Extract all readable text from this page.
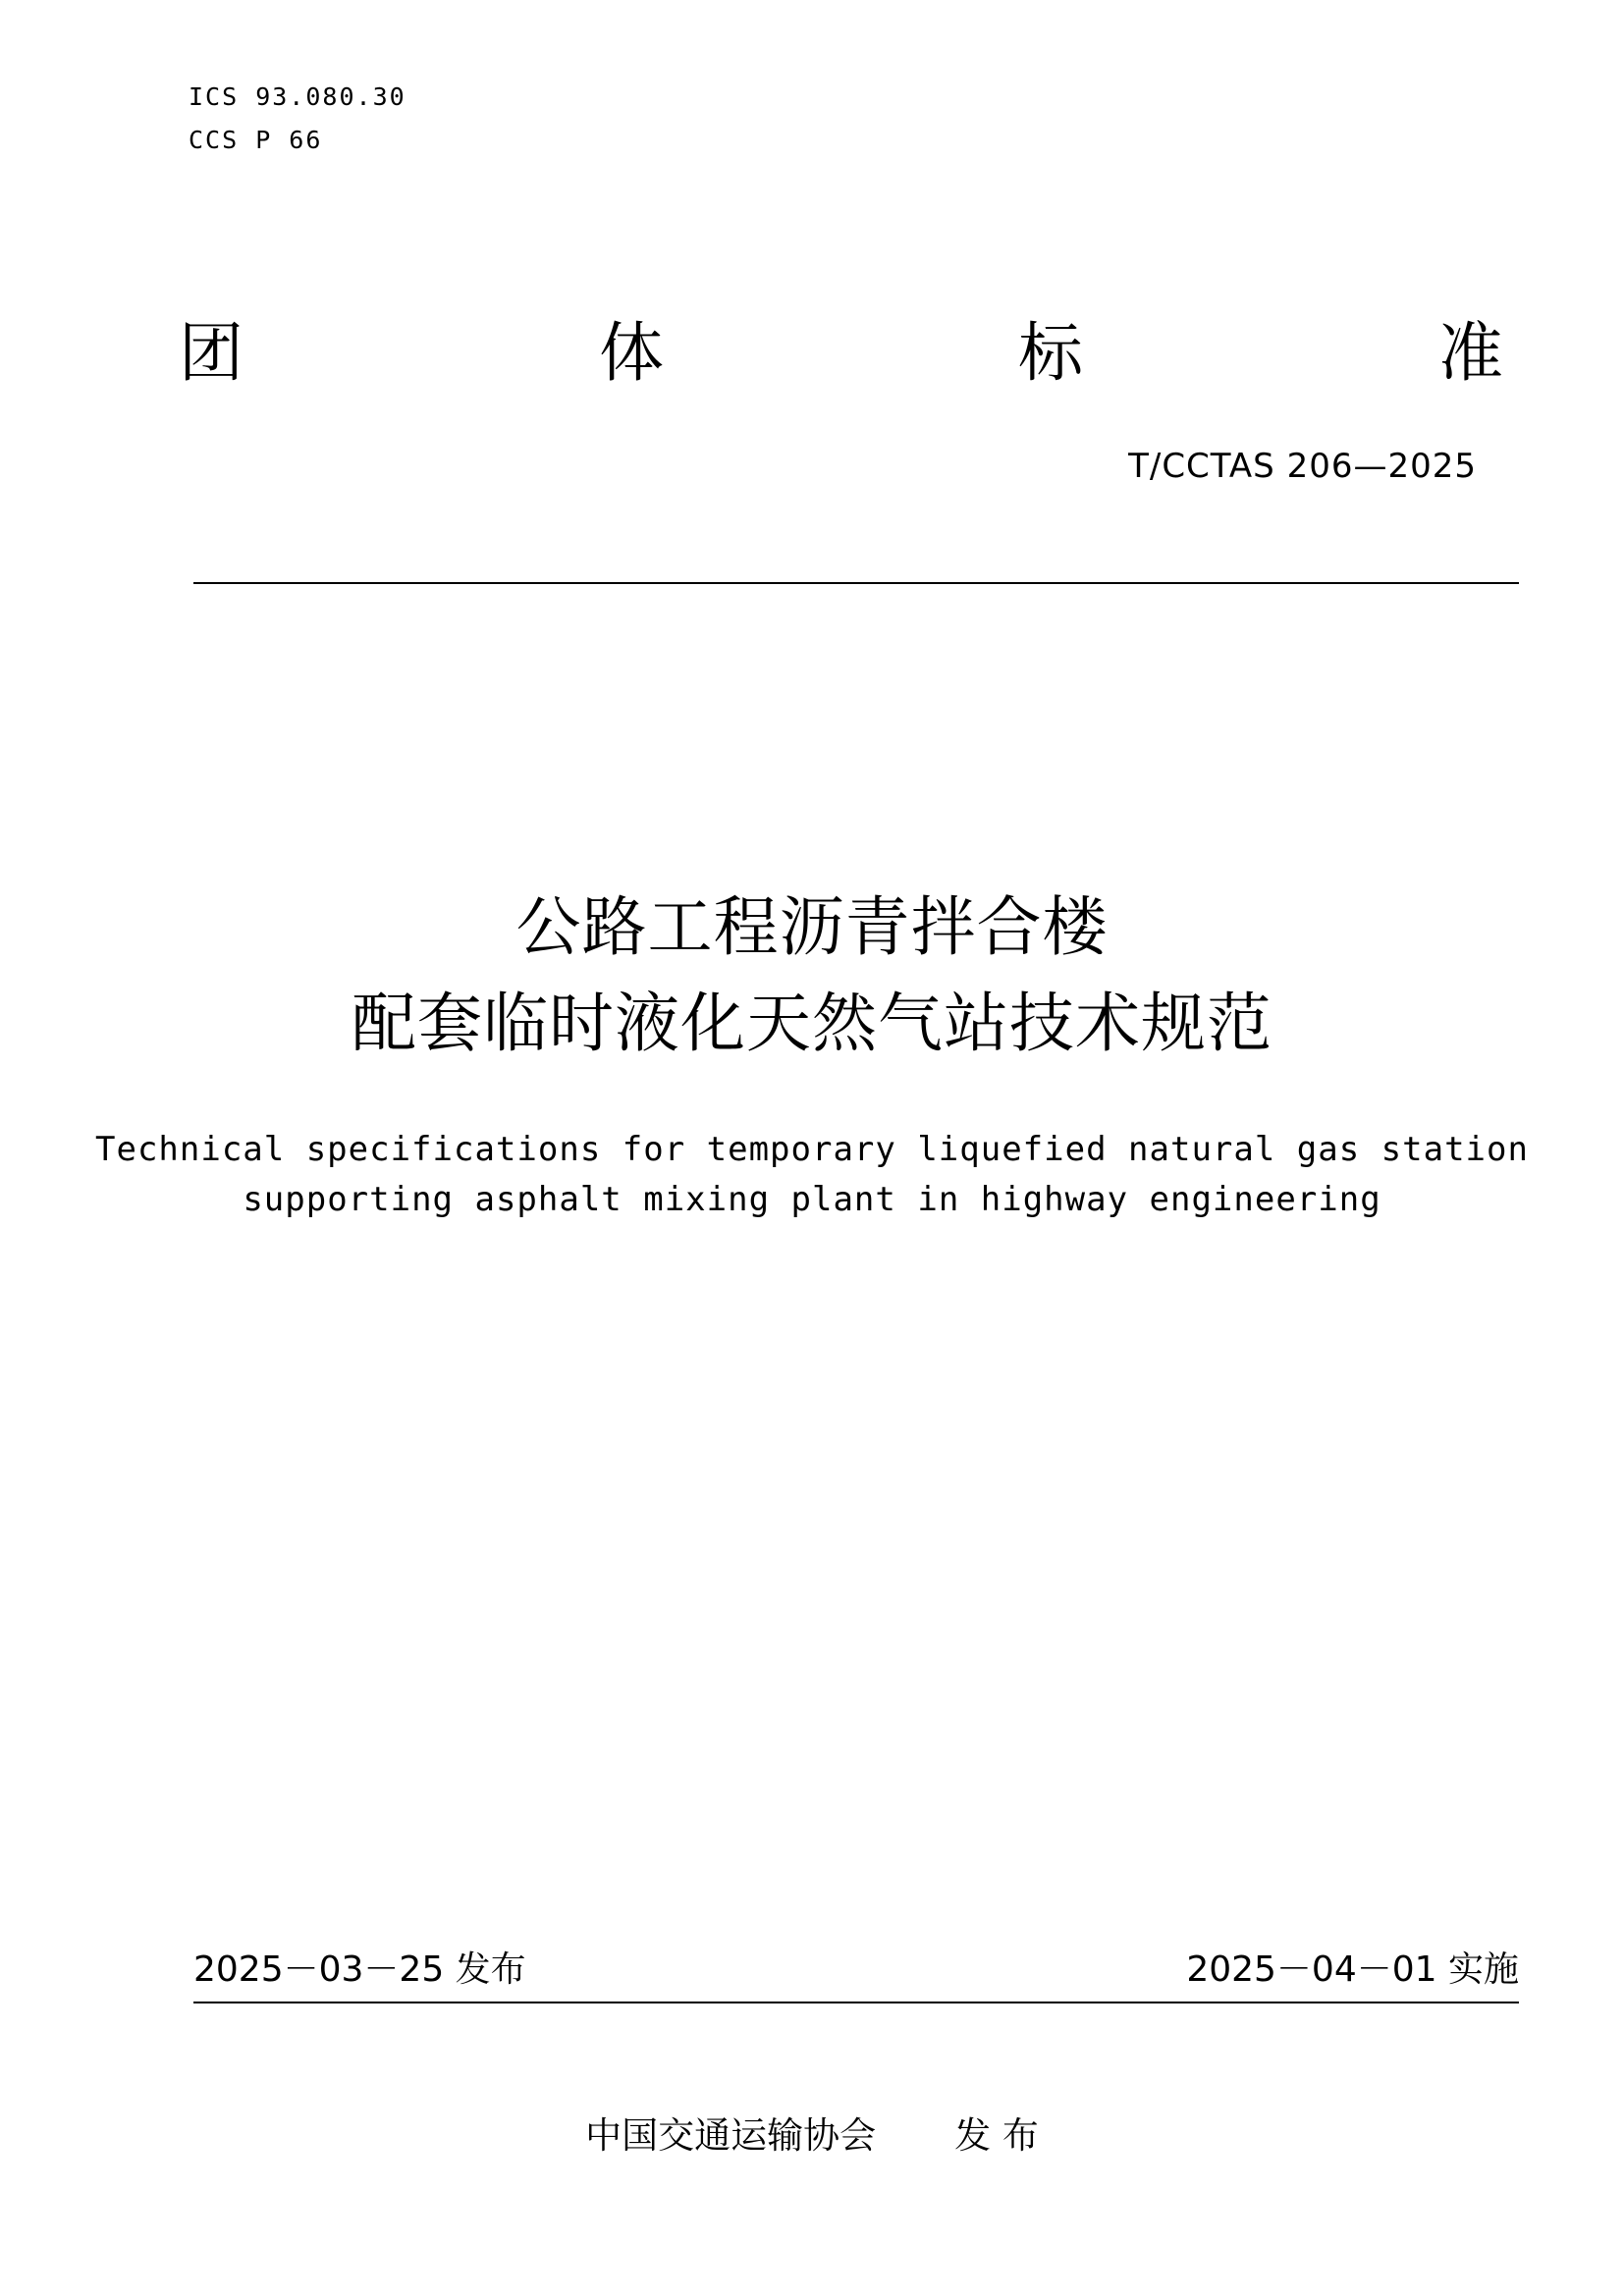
ICS 93.080.30
CCS P 66
团	体	标	准
T/CCTAS 206—2025
公路工程沥青拌合楼
配套临时液化天然气站技术规范
Technical specifications for temporary liquefied natural gas station
supporting asphalt mixing plant in highway engineering
2025－03－25 发布	2025－04－01 实施
中国交通运输协会 发 布
